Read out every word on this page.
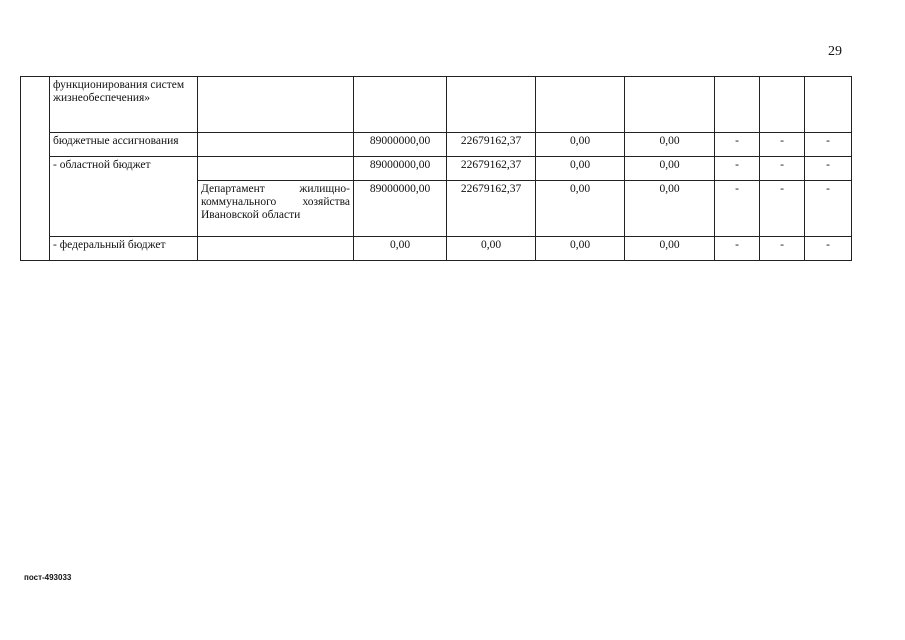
29
	функционирования систем жизнеобеспечения»								
	бюджетные ассигнования		89000000,00	22679162,37	0,00	0,00	-	-	-
	- областной бюджет		89000000,00	22679162,37	0,00	0,00	-	-	-
		Департамент жилищно- коммунального хозяйства
Ивановской области	89000000,00	22679162,37	0,00	0,00	-	-	-
	- федеральный бюджет		0,00	0,00	0,00	0,00	-	-	-
пост-493033
